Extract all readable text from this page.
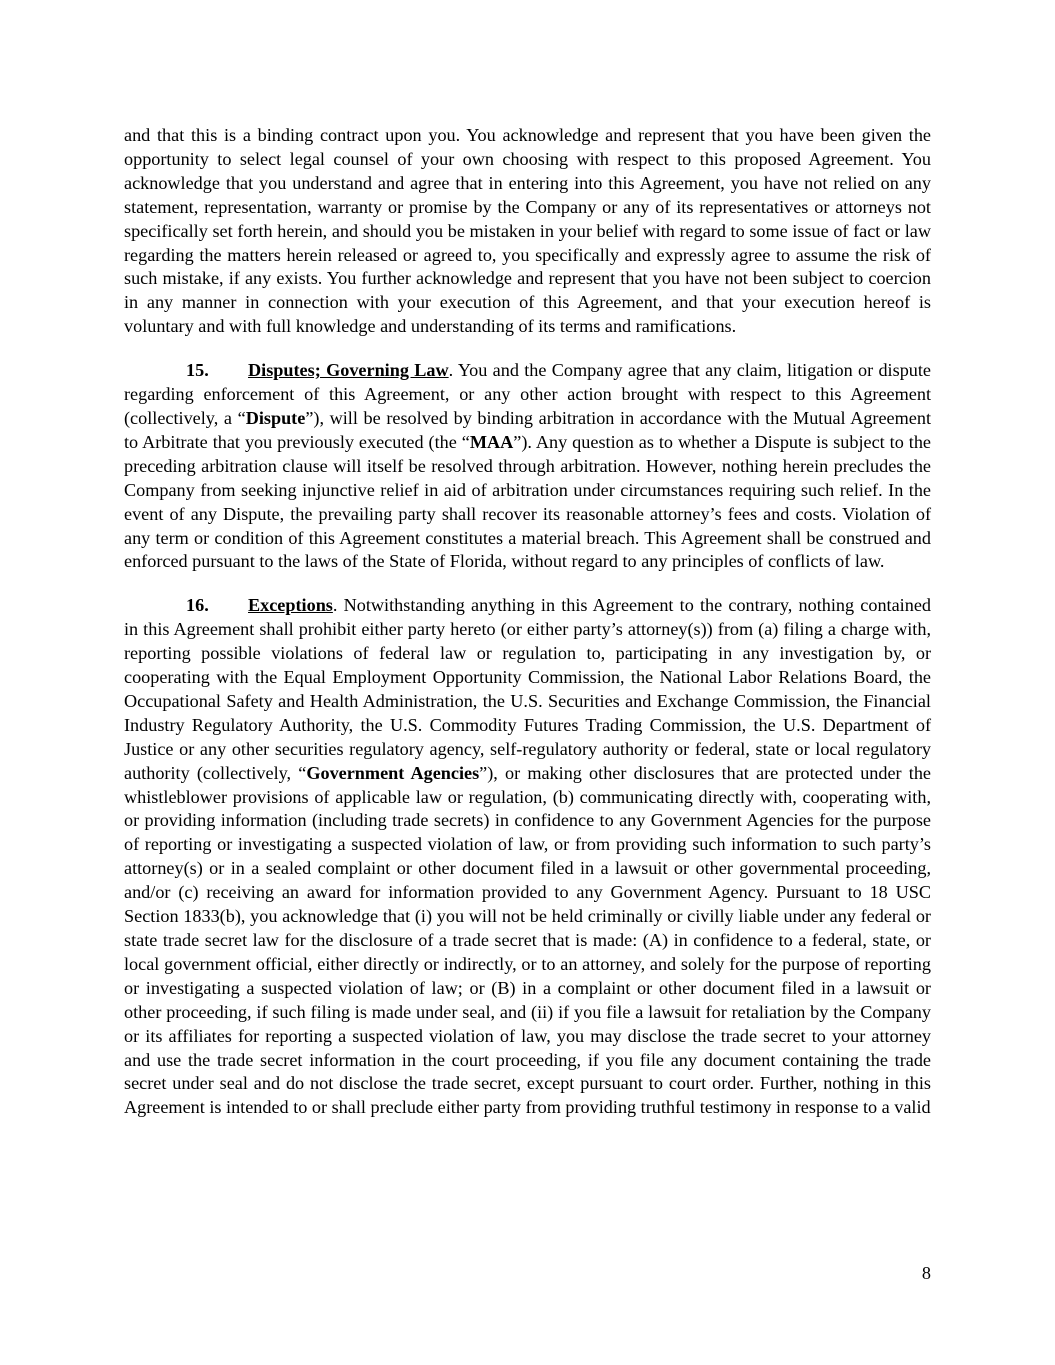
and that this is a binding contract upon you. You acknowledge and represent that you have been given the opportunity to select legal counsel of your own choosing with respect to this proposed Agreement. You acknowledge that you understand and agree that in entering into this Agreement, you have not relied on any statement, representation, warranty or promise by the Company or any of its representatives or attorneys not specifically set forth herein, and should you be mistaken in your belief with regard to some issue of fact or law regarding the matters herein released or agreed to, you specifically and expressly agree to assume the risk of such mistake, if any exists. You further acknowledge and represent that you have not been subject to coercion in any manner in connection with your execution of this Agreement, and that your execution hereof is voluntary and with full knowledge and understanding of its terms and ramifications.

15. Disputes; Governing Law. You and the Company agree that any claim, litigation or dispute regarding enforcement of this Agreement, or any other action brought with respect to this Agreement (collectively, a “Dispute”), will be resolved by binding arbitration in accordance with the Mutual Agreement to Arbitrate that you previously executed (the “MAA”). Any question as to whether a Dispute is subject to the preceding arbitration clause will itself be resolved through arbitration. However, nothing herein precludes the Company from seeking injunctive relief in aid of arbitration under circumstances requiring such relief. In the event of any Dispute, the prevailing party shall recover its reasonable attorney’s fees and costs. Violation of any term or condition of this Agreement constitutes a material breach. This Agreement shall be construed and enforced pursuant to the laws of the State of Florida, without regard to any principles of conflicts of law.

16. Exceptions. Notwithstanding anything in this Agreement to the contrary, nothing contained in this Agreement shall prohibit either party hereto (or either party’s attorney(s)) from (a) filing a charge with, reporting possible violations of federal law or regulation to, participating in any investigation by, or cooperating with the Equal Employment Opportunity Commission, the National Labor Relations Board, the Occupational Safety and Health Administration, the U.S. Securities and Exchange Commission, the Financial Industry Regulatory Authority, the U.S. Commodity Futures Trading Commission, the U.S. Department of Justice or any other securities regulatory agency, self-regulatory authority or federal, state or local regulatory authority (collectively, “Government Agencies”), or making other disclosures that are protected under the whistleblower provisions of applicable law or regulation, (b) communicating directly with, cooperating with, or providing information (including trade secrets) in confidence to any Government Agencies for the purpose of reporting or investigating a suspected violation of law, or from providing such information to such party’s attorney(s) or in a sealed complaint or other document filed in a lawsuit or other governmental proceeding, and/or (c) receiving an award for information provided to any Government Agency. Pursuant to 18 USC Section 1833(b), you acknowledge that (i) you will not be held criminally or civilly liable under any federal or state trade secret law for the disclosure of a trade secret that is made: (A) in confidence to a federal, state, or local government official, either directly or indirectly, or to an attorney, and solely for the purpose of reporting or investigating a suspected violation of law; or (B) in a complaint or other document filed in a lawsuit or other proceeding, if such filing is made under seal, and (ii) if you file a lawsuit for retaliation by the Company or its affiliates for reporting a suspected violation of law, you may disclose the trade secret to your attorney and use the trade secret information in the court proceeding, if you file any document containing the trade secret under seal and do not disclose the trade secret, except pursuant to court order. Further, nothing in this Agreement is intended to or shall preclude either party from providing truthful testimony in response to a valid

8
